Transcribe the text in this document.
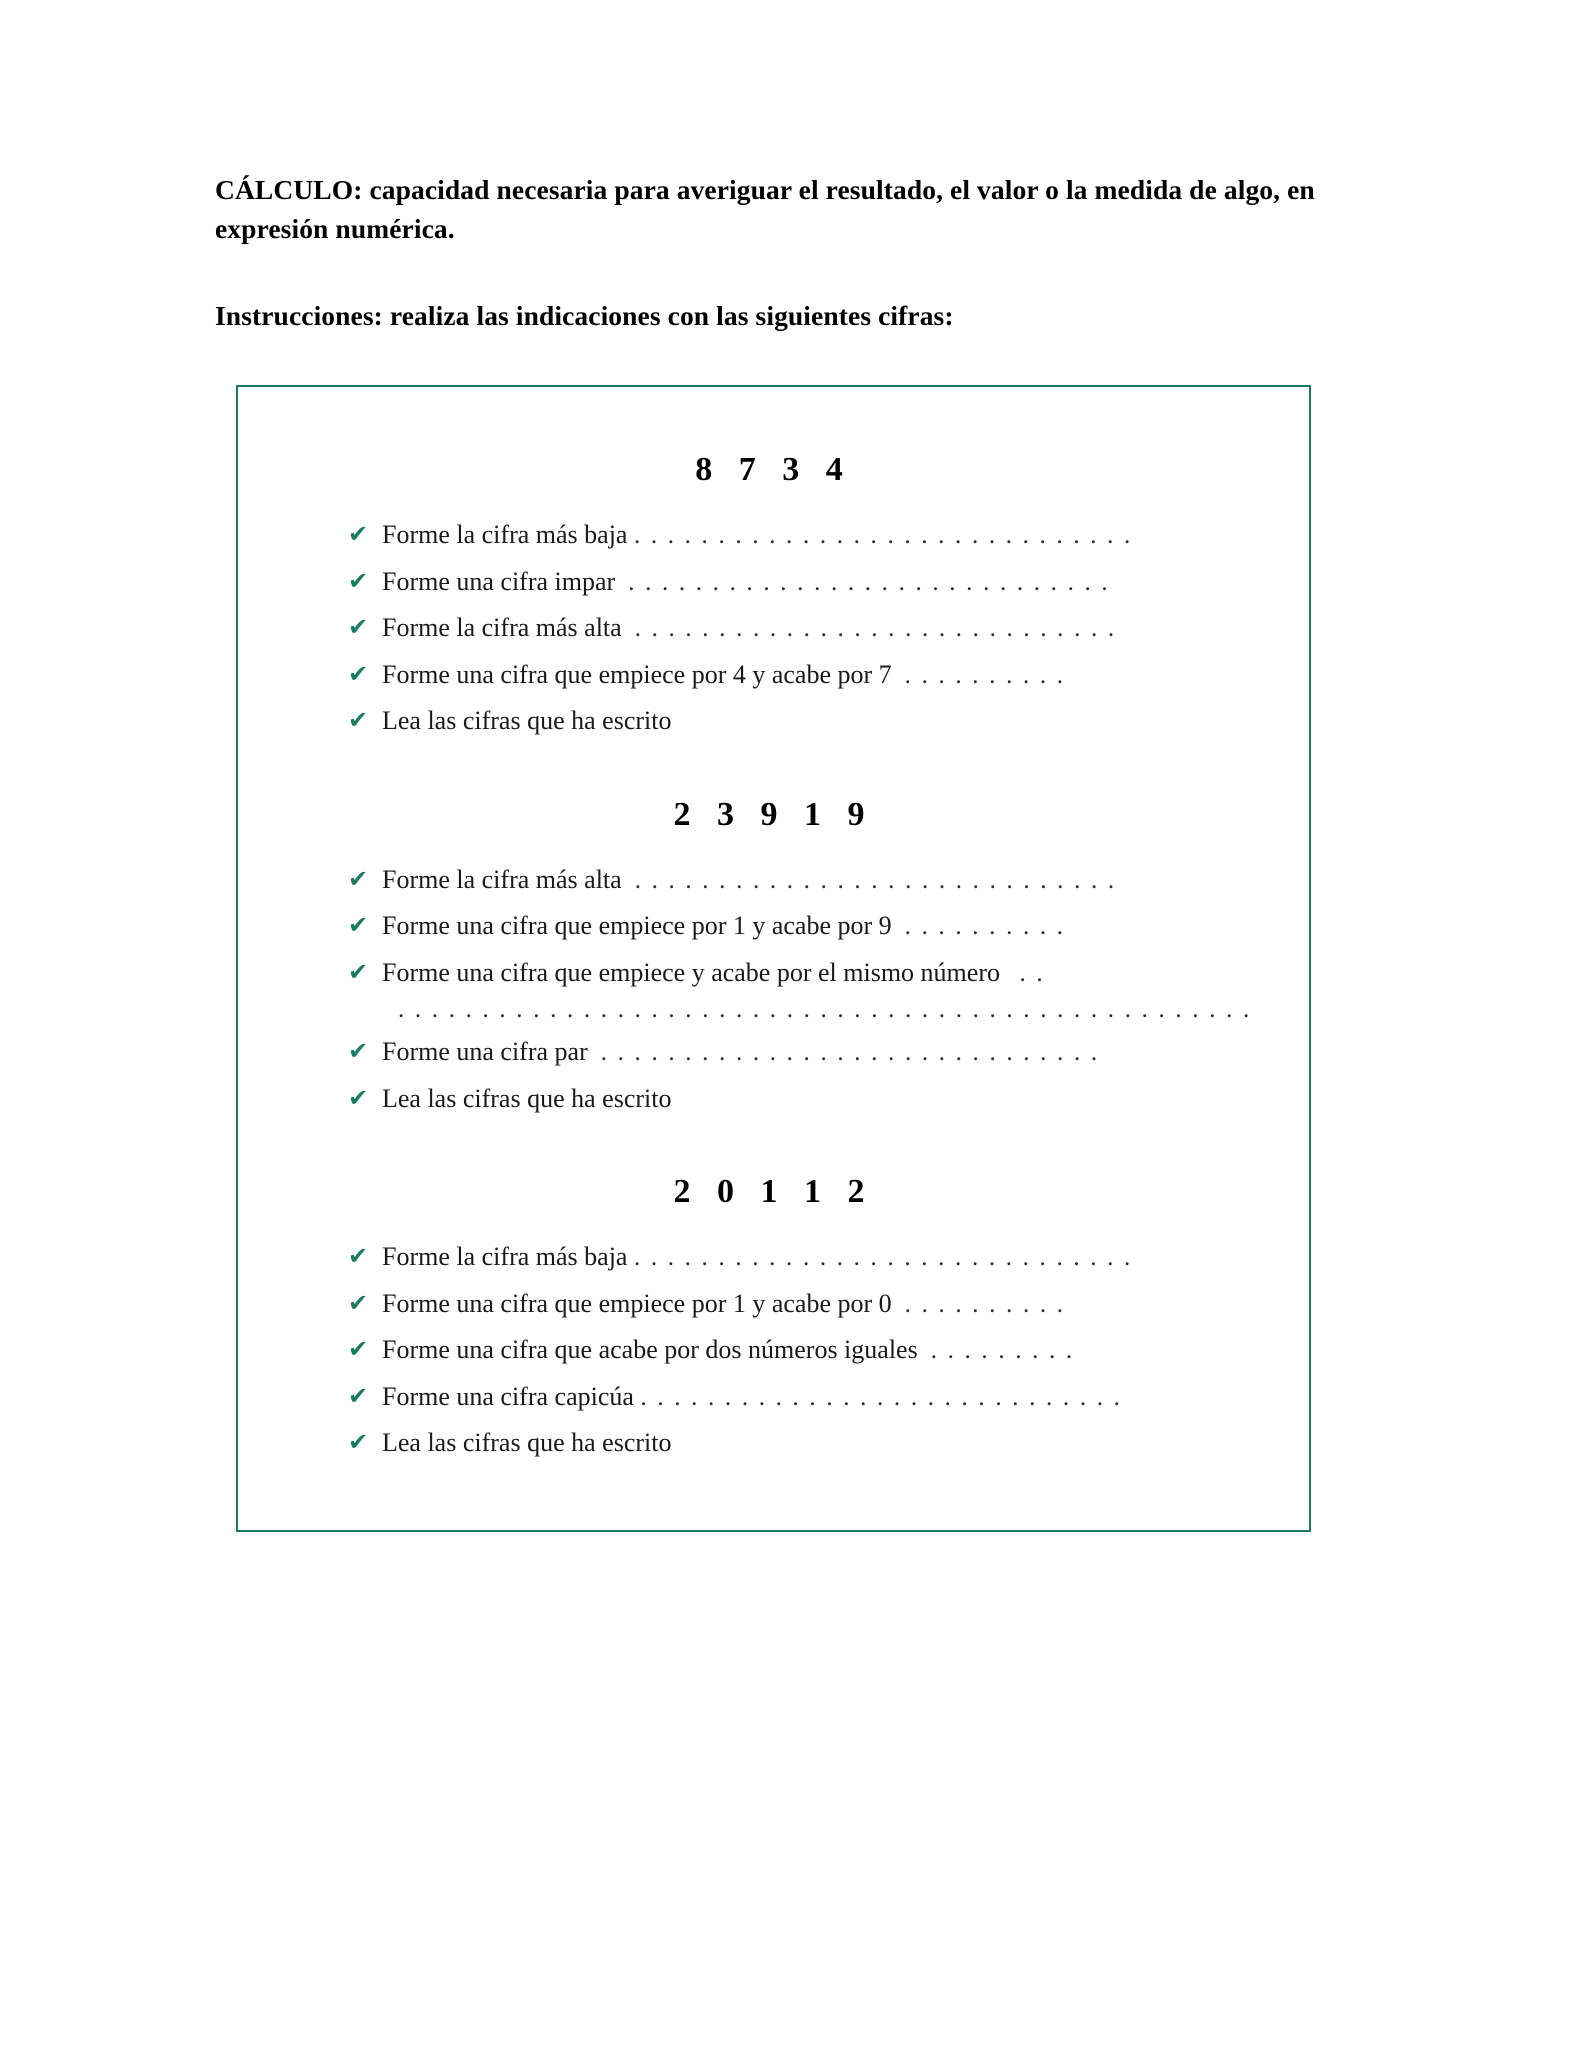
CÁLCULO: capacidad necesaria para averiguar el resultado, el valor o la medida de algo, en expresión numérica.

Instrucciones: realiza las indicaciones con las siguientes cifras:

8 7 3 4
✔ Forme la cifra más baja . . . . . . . . . . . . . . . . . . . . . . . . . . . . . .
✔ Forme una cifra impar  . . . . . . . . . . . . . . . . . . . . . . . . . . . . .
✔ Forme la cifra más alta  . . . . . . . . . . . . . . . . . . . . . . . . . . . . .
✔ Forme una cifra que empiece por 4 y acabe por 7  . . . . . . . . . .
✔ Lea las cifras que ha escrito
2 3 9 1 9
✔ Forme la cifra más alta  . . . . . . . . . . . . . . . . . . . . . . . . . . . . .
✔ Forme una cifra que empiece por 1 y acabe por 9  . . . . . . . . . .
✔ Forme una cifra que empiece y acabe por el mismo número   . .
. . . . . . . . . . . . . . . . . . . . . . . . . . . . . . . . . . . . . . . . . . . . . . . . . . .
✔ Forme una cifra par  . . . . . . . . . . . . . . . . . . . . . . . . . . . . . .
✔ Lea las cifras que ha escrito
2 0 1 1 2
✔ Forme la cifra más baja . . . . . . . . . . . . . . . . . . . . . . . . . . . . . .
✔ Forme una cifra que empiece por 1 y acabe por 0  . . . . . . . . . .
✔ Forme una cifra que acabe por dos números iguales  . . . . . . . . .
✔ Forme una cifra capicúa . . . . . . . . . . . . . . . . . . . . . . . . . . . . .
✔ Lea las cifras que ha escrito
